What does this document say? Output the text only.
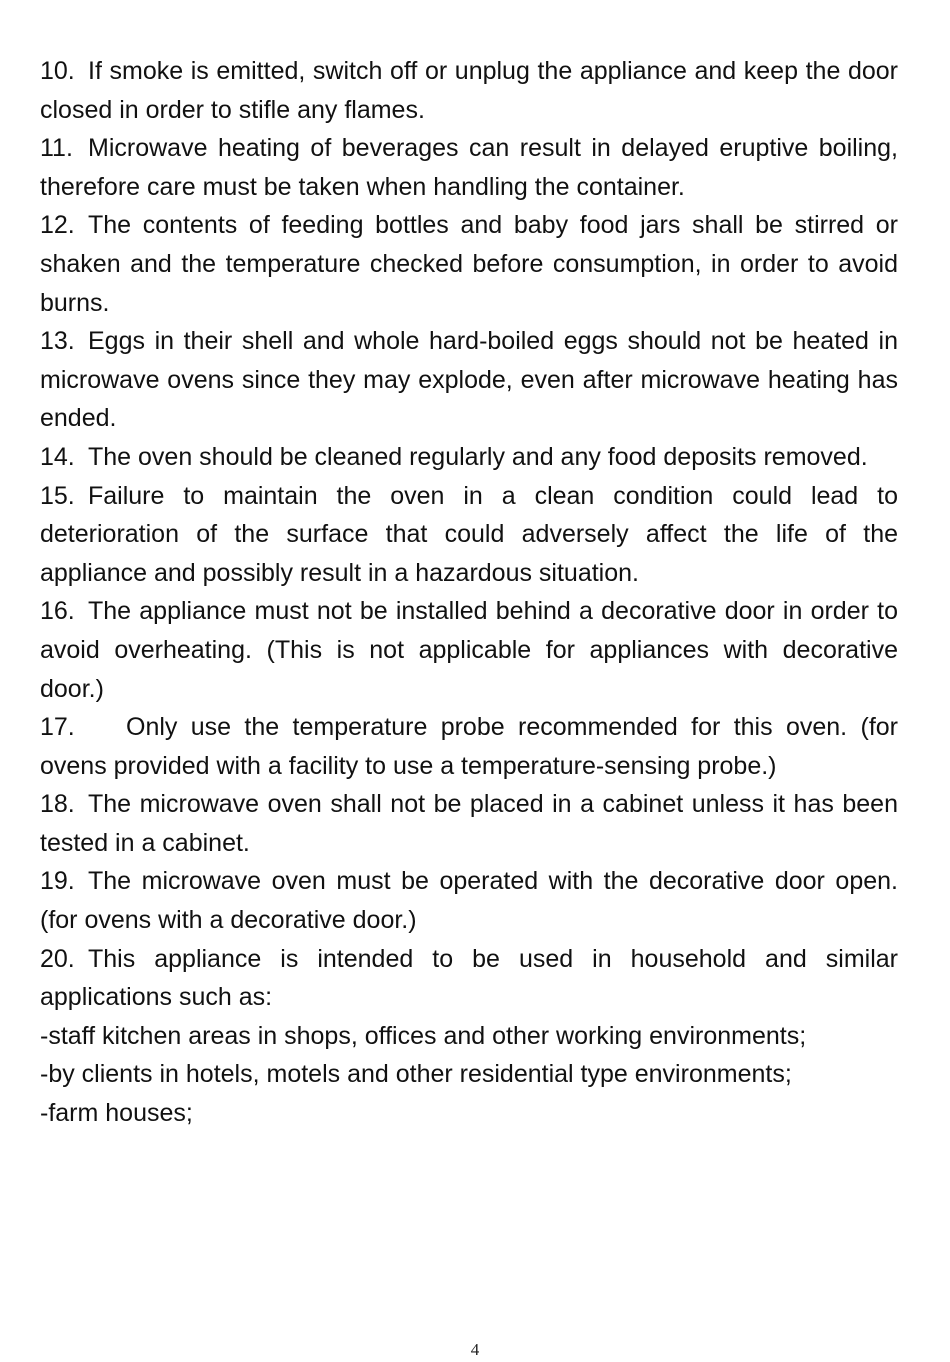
10. If smoke is emitted, switch off or unplug the appliance and keep the door closed in order to stifle any flames.

11. Microwave heating of beverages can result in delayed eruptive boiling, therefore care must be taken when handling the container.

12. The contents of feeding bottles and baby food jars shall be stirred or shaken and the temperature checked before consumption, in order to avoid burns.

13. Eggs in their shell and whole hard-boiled eggs should not be heated in microwave ovens since they may explode, even after microwave heating has ended.

14. The oven should be cleaned regularly and any food deposits removed.

15. Failure to maintain the oven in a clean condition could lead to deterioration of the surface that could adversely affect the life of the appliance and possibly result in a hazardous situation.

16. The appliance must not be installed behind a decorative door in order to avoid overheating. (This is not applicable for appliances with decorative door.)

17. Only use the temperature probe recommended for this oven. (for ovens provided with a facility to use a temperature-sensing probe.)

18. The microwave oven shall not be placed in a cabinet unless it has been tested in a cabinet.

19. The microwave oven must be operated with the decorative door open. (for ovens with a decorative door.)

20. This appliance is intended to be used in household and similar applications such as:

-staff kitchen areas in shops, offices and other working environments;

-by clients in hotels, motels and other residential type environments;

-farm houses;

4
